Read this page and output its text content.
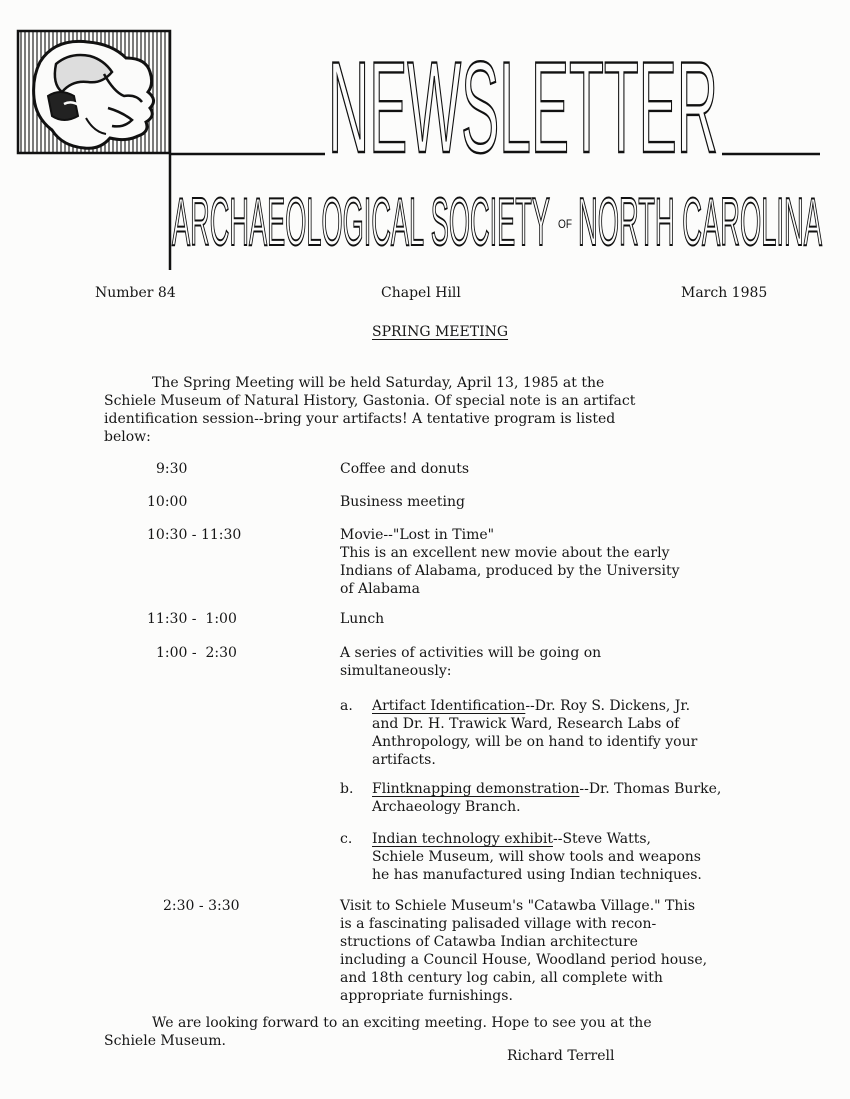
NEWSLETTER
ARCHAEOLOGICAL SOCIETY OF NORTH CAROLINA
Number 84	Chapel Hill	March 1985
SPRING MEETING
The Spring Meeting will be held Saturday, April 13, 1985 at the
Schiele Museum of Natural History, Gastonia. Of special note is an artifact
identification session--bring your artifacts! A tentative program is listed
below:
9:30	Coffee and donuts
10:00	Business meeting
10:30 - 11:30	Movie--"Lost in Time"
This is an excellent new movie about the early
Indians of Alabama, produced by the University
of Alabama
11:30 -  1:00	Lunch
1:00 -  2:30	A series of activities will be going on
simultaneously:
a. Artifact Identification--Dr. Roy S. Dickens, Jr.
and Dr. H. Trawick Ward, Research Labs of
Anthropology, will be on hand to identify your
artifacts.
b. Flintknapping demonstration--Dr. Thomas Burke,
Archaeology Branch.
c. Indian technology exhibit--Steve Watts,
Schiele Museum, will show tools and weapons
he has manufactured using Indian techniques.
2:30 - 3:30	Visit to Schiele Museum's "Catawba Village." This
is a fascinating palisaded village with recon-
structions of Catawba Indian architecture
including a Council House, Woodland period house,
and 18th century log cabin, all complete with
appropriate furnishings.
We are looking forward to an exciting meeting. Hope to see you at the
Schiele Museum.
Richard Terrell
